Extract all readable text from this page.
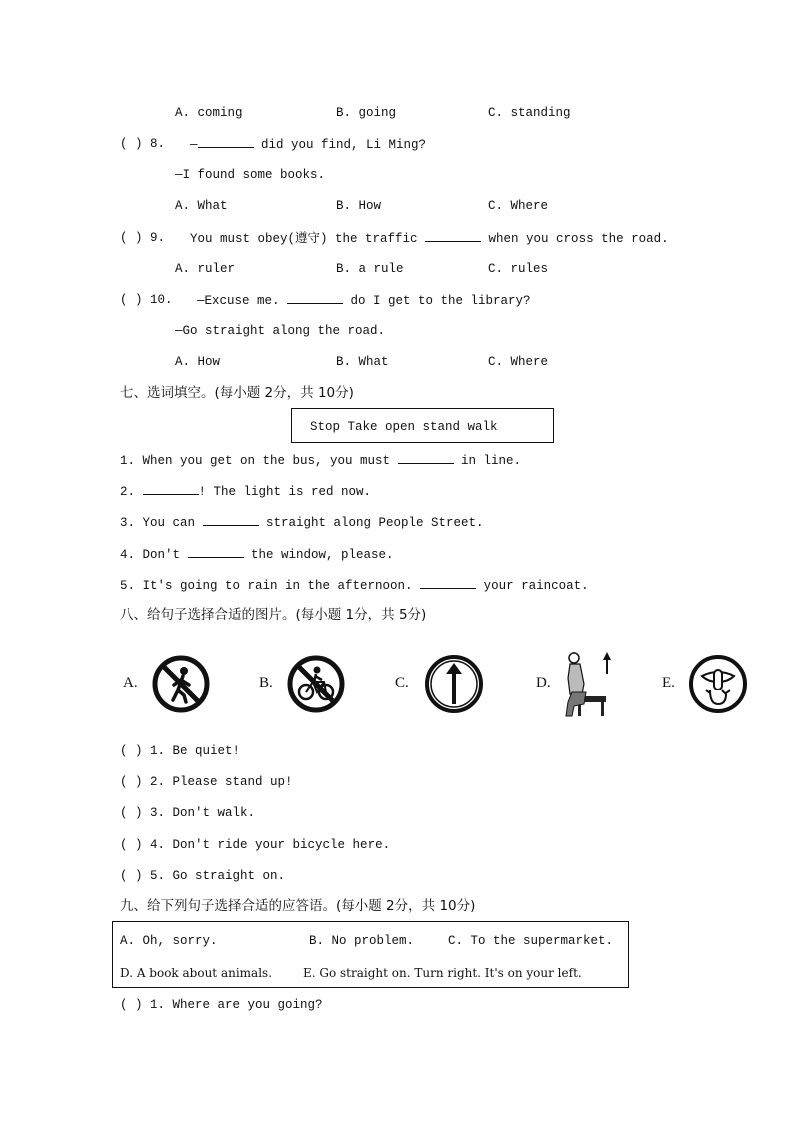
A. coming	B. going	C. standing
( ) 8. —	did you find, Li Ming?
—I found some books.
A. What	B. How	C. Where
( ) 9. You must obey(遵守) the traffic	when you cross the road.
A. ruler	B. a rule	C. rules
( ) 10. —Excuse me.	do I get to the library?
—Go straight along the road.
A. How	B. What	C. Where
七、选词填空。(每小题 2分，共 10分)
Stop Take open stand walk
1. When you get on the bus, you must	in line.
2.	! The light is red now.
3. You can	straight along People Street.
4. Don't	the window, please.
5. It's going to rain in the afternoon.	your raincoat.
八、给句子选择合适的图片。(每小题 1分，共 5分)
A.	B.	C.	D.	E.
( ) 1. Be quiet!
( ) 2. Please stand up!
( ) 3. Don't walk.
( ) 4. Don't ride your bicycle here.
( ) 5. Go straight on.
九、给下列句子选择合适的应答语。(每小题 2分，共 10分)
A. Oh, sorry.	B. No problem.	C. To the supermarket.
D. A book about animals.	E. Go straight on. Turn right. It's on your left.
( ) 1. Where are you going?
